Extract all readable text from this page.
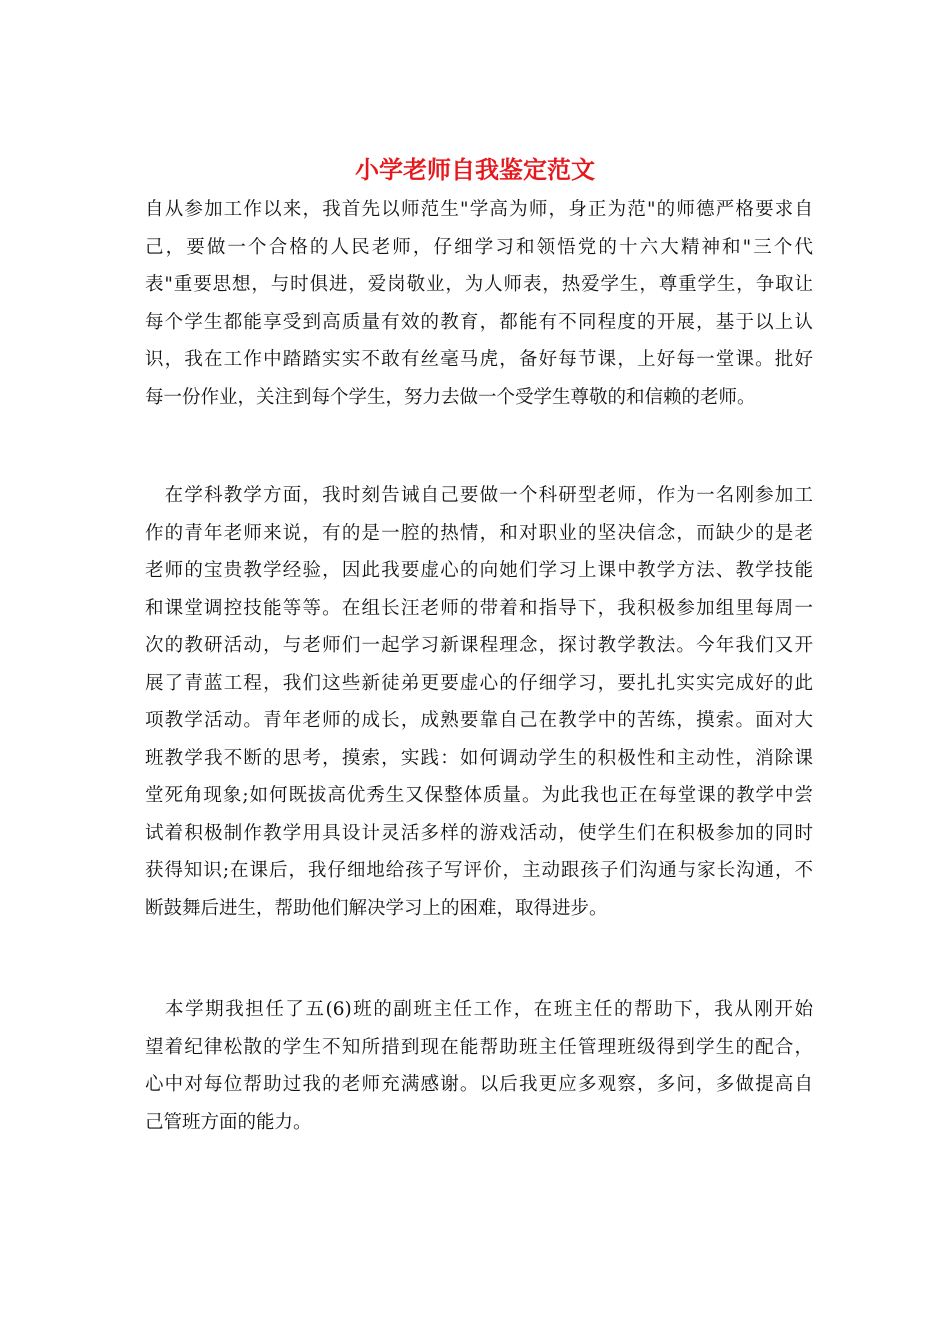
小学老师自我鉴定范文
自从参加工作以来，我首先以师范生"学高为师，身正为范"的师德严格要求自
己，要做一个合格的人民老师，仔细学习和领悟党的十六大精神和"三个代
表"重要思想，与时俱进，爱岗敬业，为人师表，热爱学生，尊重学生，争取让
每个学生都能享受到高质量有效的教育，都能有不同程度的开展，基于以上认
识，我在工作中踏踏实实不敢有丝毫马虎，备好每节课，上好每一堂课。批好
每一份作业，关注到每个学生，努力去做一个受学生尊敬的和信赖的老师。
　在学科教学方面，我时刻告诫自己要做一个科研型老师，作为一名刚参加工
作的青年老师来说，有的是一腔的热情，和对职业的坚决信念，而缺少的是老
老师的宝贵教学经验，因此我要虚心的向她们学习上课中教学方法、教学技能
和课堂调控技能等等。在组长汪老师的带着和指导下，我积极参加组里每周一
次的教研活动，与老师们一起学习新课程理念，探讨教学教法。今年我们又开
展了青蓝工程，我们这些新徒弟更要虚心的仔细学习，要扎扎实实完成好的此
项教学活动。青年老师的成长，成熟要靠自己在教学中的苦练，摸索。面对大
班教学我不断的思考，摸索，实践：如何调动学生的积极性和主动性，消除课
堂死角现象;如何既拔高优秀生又保整体质量。为此我也正在每堂课的教学中尝
试着积极制作教学用具设计灵活多样的游戏活动，使学生们在积极参加的同时
获得知识;在课后，我仔细地给孩子写评价，主动跟孩子们沟通与家长沟通，不
断鼓舞后进生，帮助他们解决学习上的困难，取得进步。
　本学期我担任了五(6)班的副班主任工作，在班主任的帮助下，我从刚开始
望着纪律松散的学生不知所措到现在能帮助班主任管理班级得到学生的配合，
心中对每位帮助过我的老师充满感谢。以后我更应多观察，多问，多做提高自
己管班方面的能力。
